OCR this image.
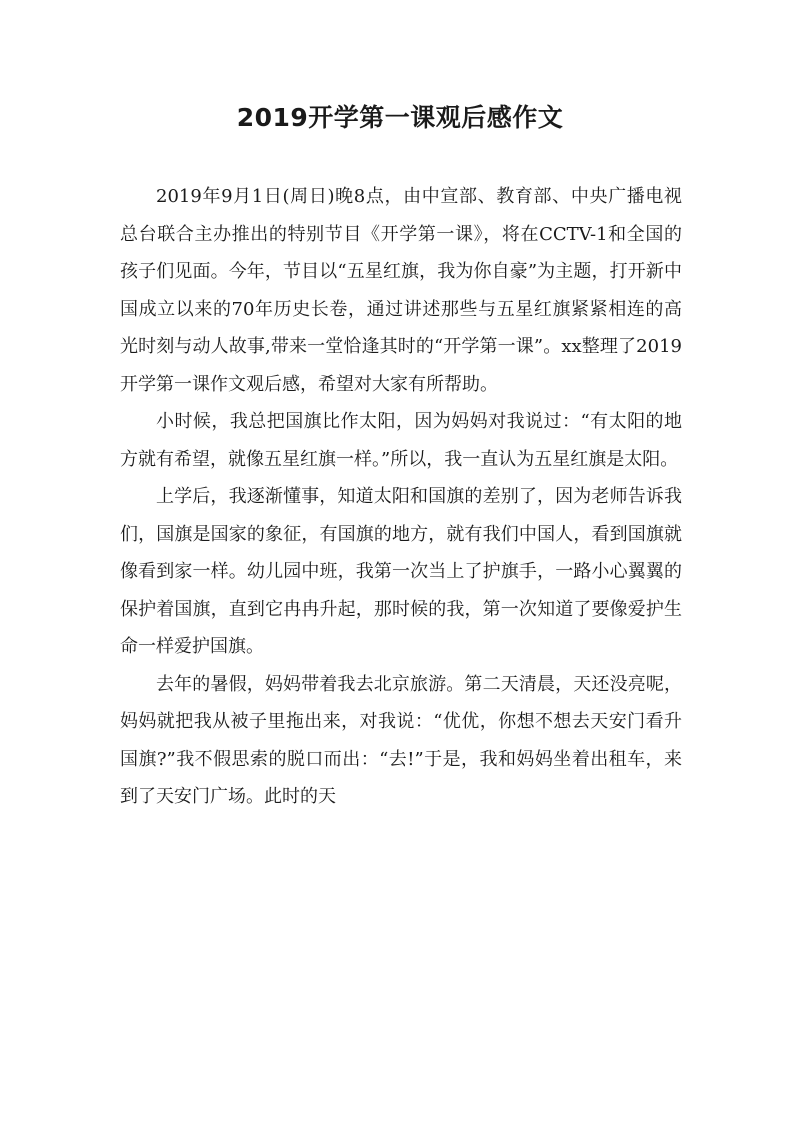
2019开学第一课观后感作文

2019年9月1日(周日)晚8点，由中宣部、教育部、中央广播电视总台联合主办推出的特别节目《开学第一课》，将在CCTV-1和全国的孩子们见面。今年，节目以“五星红旗，我为你自豪”为主题，打开新中国成立以来的70年历史长卷，通过讲述那些与五星红旗紧紧相连的高光时刻与动人故事,带来一堂恰逢其时的“开学第一课”。xx整理了2019开学第一课作文观后感，希望对大家有所帮助。

小时候，我总把国旗比作太阳，因为妈妈对我说过：“有太阳的地方就有希望，就像五星红旗一样。”所以，我一直认为五星红旗是太阳。

上学后，我逐渐懂事，知道太阳和国旗的差别了，因为老师告诉我们，国旗是国家的象征，有国旗的地方，就有我们中国人，看到国旗就像看到家一样。幼儿园中班，我第一次当上了护旗手，一路小心翼翼的保护着国旗，直到它冉冉升起，那时候的我，第一次知道了要像爱护生命一样爱护国旗。

去年的暑假，妈妈带着我去北京旅游。第二天清晨，天还没亮呢，妈妈就把我从被子里拖出来，对我说：“优优，你想不想去天安门看升国旗?”我不假思索的脱口而出：“去!”于是，我和妈妈坐着出租车，来到了天安门广场。此时的天
